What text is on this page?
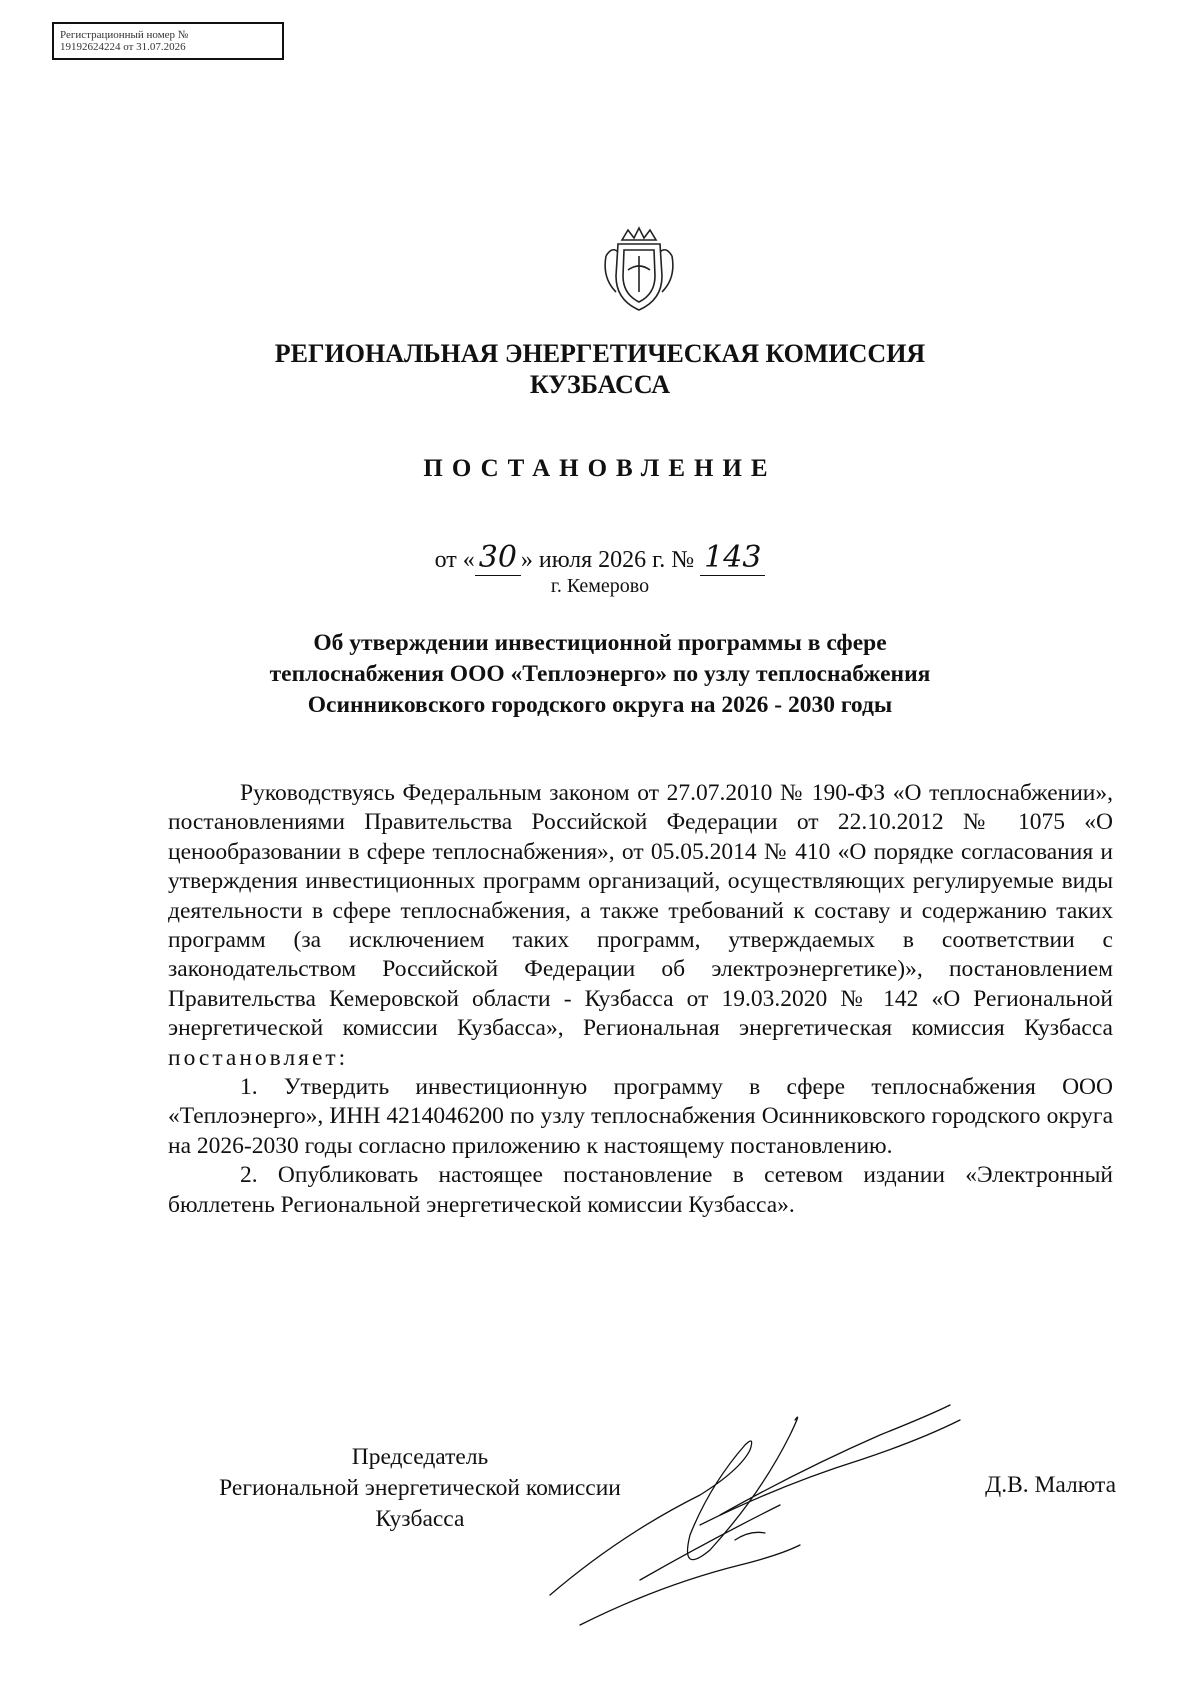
Регистрационный номер №
19192624224 от 31.07.2026
РЕГИОНАЛЬНАЯ ЭНЕРГЕТИЧЕСКАЯ КОМИССИЯ
КУЗБАССА
ПОСТАНОВЛЕНИЕ
от « 30 » июля 2026 г. № 143
г. Кемерово
Об утверждении инвестиционной программы в сфере
теплоснабжения ООО «Теплоэнерго» по узлу теплоснабжения
Осинниковского городского округа на 2026 - 2030 годы

Руководствуясь Федеральным законом от 27.07.2010 № 190-ФЗ «О теплоснабжении», постановлениями Правительства Российской Федерации от 22.10.2012 № 1075 «О ценообразовании в сфере теплоснабжения», от 05.05.2014 № 410 «О порядке согласования и утверждения инвестиционных программ организаций, осуществляющих регулируемые виды деятельности в сфере теплоснабжения, а также требований к составу и содержанию таких программ (за исключением таких программ, утверждаемых в соответствии с законодательством Российской Федерации об электроэнергетике)», постановлением Правительства Кемеровской области - Кузбасса от 19.03.2020 № 142 «О Региональной энергетической комиссии Кузбасса», Региональная энергетическая комиссия Кузбасса постановляет:

1. Утвердить инвестиционную программу в сфере теплоснабжения ООО «Теплоэнерго», ИНН 4214046200 по узлу теплоснабжения Осинниковского городского округа на 2026-2030 годы согласно приложению к настоящему постановлению.

2. Опубликовать настоящее постановление в сетевом издании «Электронный бюллетень Региональной энергетической комиссии Кузбасса».

Председатель
Региональной энергетической комиссии
Кузбасса
Д.В. Малюта
